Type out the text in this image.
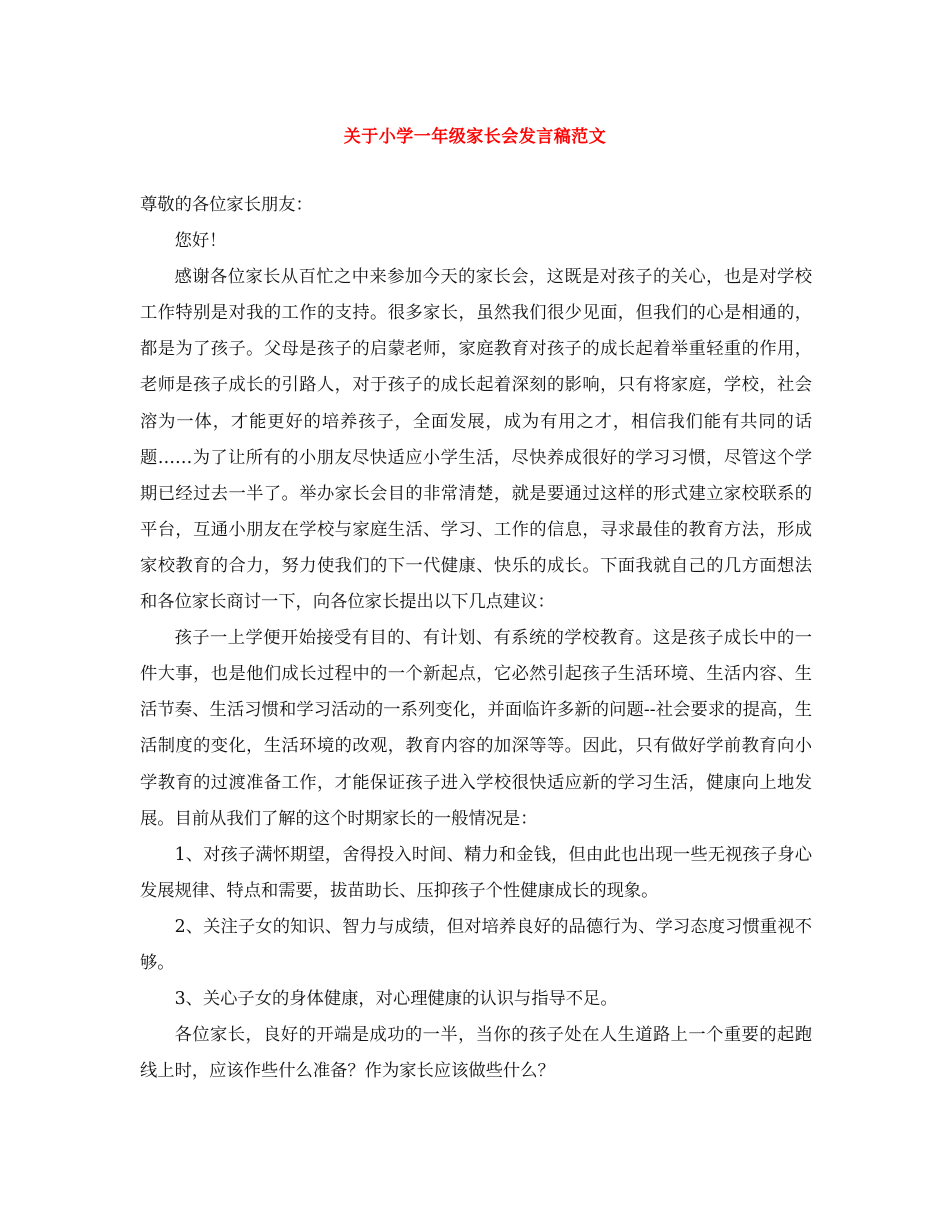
关于小学一年级家长会发言稿范文

尊敬的各位家长朋友：

您好！

感谢各位家长从百忙之中来参加今天的家长会，这既是对孩子的关心，也是对学校工作特别是对我的工作的支持。很多家长，虽然我们很少见面，但我们的心是相通的，都是为了孩子。父母是孩子的启蒙老师，家庭教育对孩子的成长起着举重轻重的作用，老师是孩子成长的引路人，对于孩子的成长起着深刻的影响，只有将家庭，学校，社会溶为一体，才能更好的培养孩子，全面发展，成为有用之才，相信我们能有共同的话题……为了让所有的小朋友尽快适应小学生活，尽快养成很好的学习习惯，尽管这个学期已经过去一半了。举办家长会目的非常清楚，就是要通过这样的形式建立家校联系的平台，互通小朋友在学校与家庭生活、学习、工作的信息，寻求最佳的教育方法，形成家校教育的合力，努力使我们的下一代健康、快乐的成长。下面我就自己的几方面想法和各位家长商讨一下，向各位家长提出以下几点建议：

孩子一上学便开始接受有目的、有计划、有系统的学校教育。这是孩子成长中的一件大事，也是他们成长过程中的一个新起点，它必然引起孩子生活环境、生活内容、生活节奏、生活习惯和学习活动的一系列变化，并面临许多新的问题--社会要求的提高，生活制度的变化，生活环境的改观，教育内容的加深等等。因此，只有做好学前教育向小学教育的过渡准备工作，才能保证孩子进入学校很快适应新的学习生活，健康向上地发展。目前从我们了解的这个时期家长的一般情况是：

1、对孩子满怀期望，舍得投入时间、精力和金钱，但由此也出现一些无视孩子身心发展规律、特点和需要，拔苗助长、压抑孩子个性健康成长的现象。

2、关注子女的知识、智力与成绩，但对培养良好的品德行为、学习态度习惯重视不够。

3、关心子女的身体健康，对心理健康的认识与指导不足。

各位家长，良好的开端是成功的一半，当你的孩子处在人生道路上一个重要的起跑线上时，应该作些什么准备？作为家长应该做些什么？
